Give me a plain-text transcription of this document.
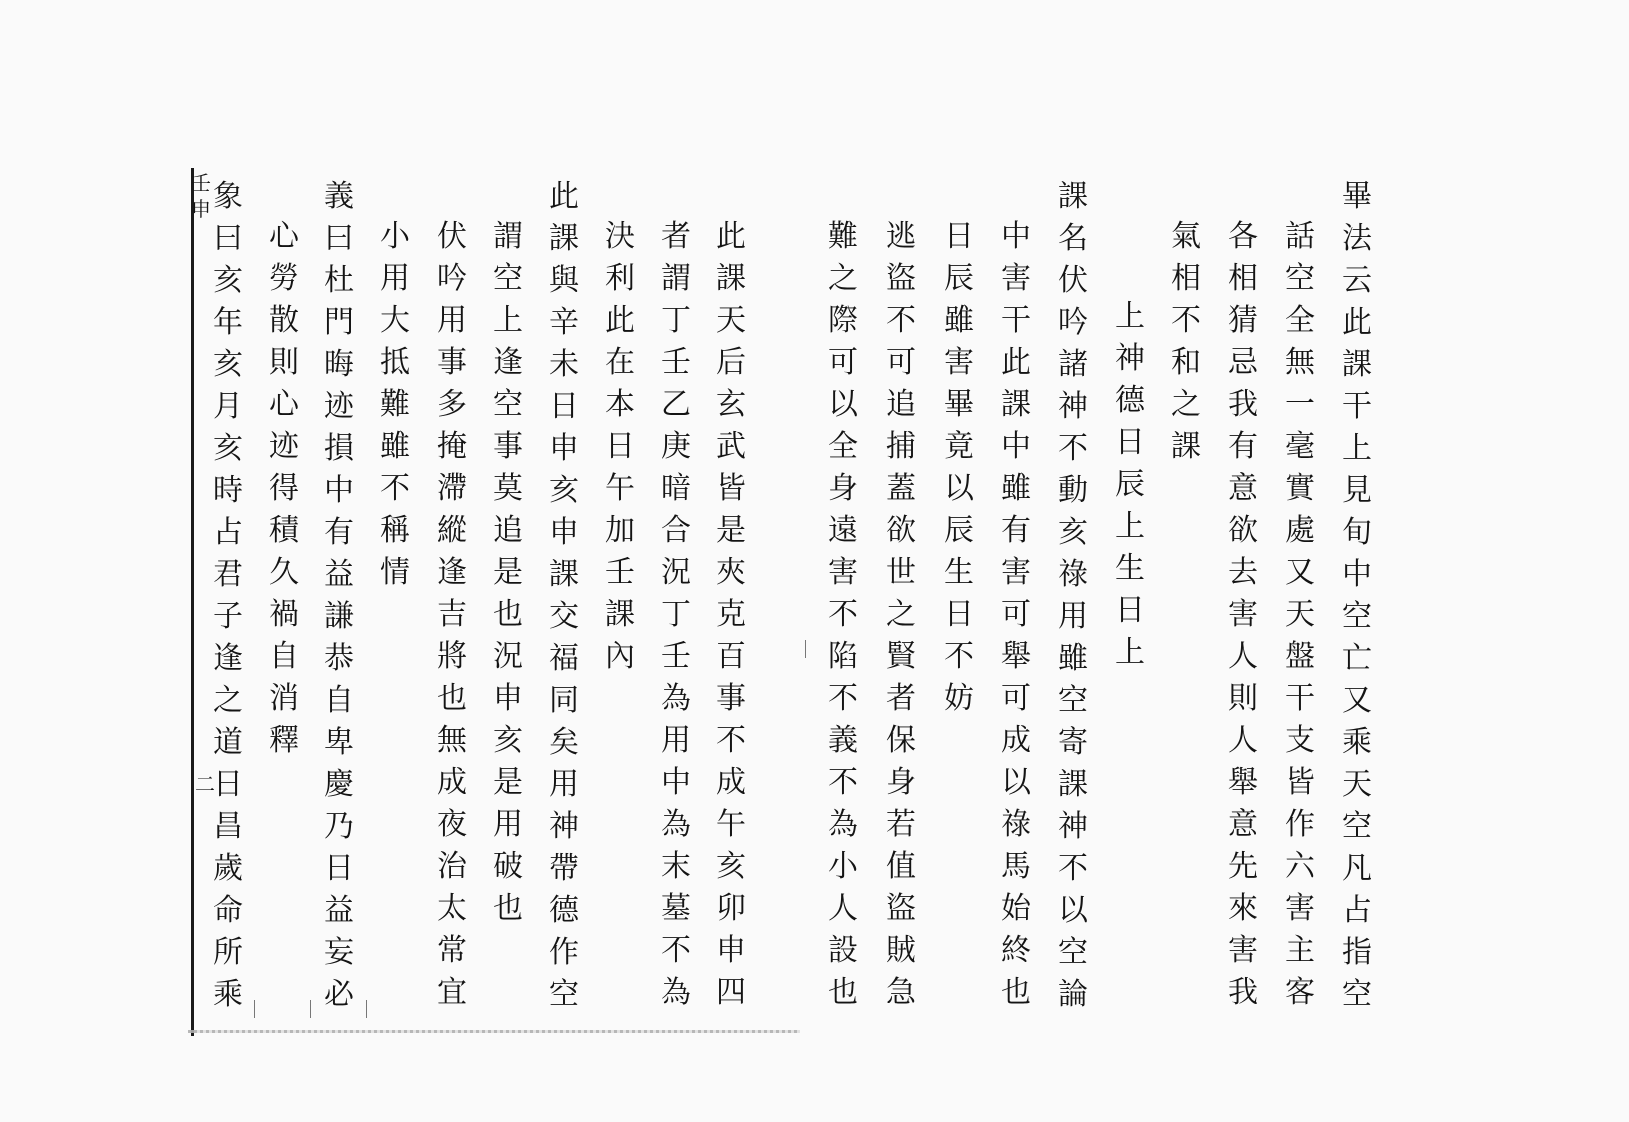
壬
申
二
畢
法
云
此
課
干
上
見
旬
中
空
亡
又
乘
天
空
凡
占
指
空
話
空
全
無
一
毫
實
處
又
天
盤
干
支
皆
作
六
害
主
客
各
相
猜
忌
我
有
意
欲
去
害
人
則
人
舉
意
先
來
害
我
氣
相
不
和
之
課
上
神
德
日
辰
上
生
日
上
課
名
伏
吟
諸
神
不
動
亥
祿
用
雖
空
寄
課
神
不
以
空
論
中
害
干
此
課
中
雖
有
害
可
舉
可
成
以
祿
馬
始
終
也
日
辰
雖
害
畢
竟
以
辰
生
日
不
妨
逃
盜
不
可
追
捕
蓋
欲
世
之
賢
者
保
身
若
值
盜
賊
急
難
之
際
可
以
全
身
遠
害
不
陷
不
義
不
為
小
人
設
也
此
課
天
后
玄
武
皆
是
夾
克
百
事
不
成
午
亥
卯
申
四
者
謂
丁
壬
乙
庚
暗
合
況
丁
壬
為
用
中
為
末
墓
不
為
決
利
此
在
本
日
午
加
壬
課
內
此
課
與
辛
未
日
申
亥
申
課
交
福
同
矣
用
神
帶
德
作
空
謂
空
上
逢
空
事
莫
追
是
也
況
申
亥
是
用
破
也
伏
吟
用
事
多
掩
滯
縱
逢
吉
將
也
無
成
夜
治
太
常
宜
小
用
大
抵
難
雖
不
稱
情
義
曰
杜
門
晦
迹
損
中
有
益
謙
恭
自
卑
慶
乃
日
益
妄
必
心
勞
散
則
心
迹
得
積
久
禍
自
消
釋
象
曰
亥
年
亥
月
亥
時
占
君
子
逢
之
道
日
昌
歲
命
所
乘
